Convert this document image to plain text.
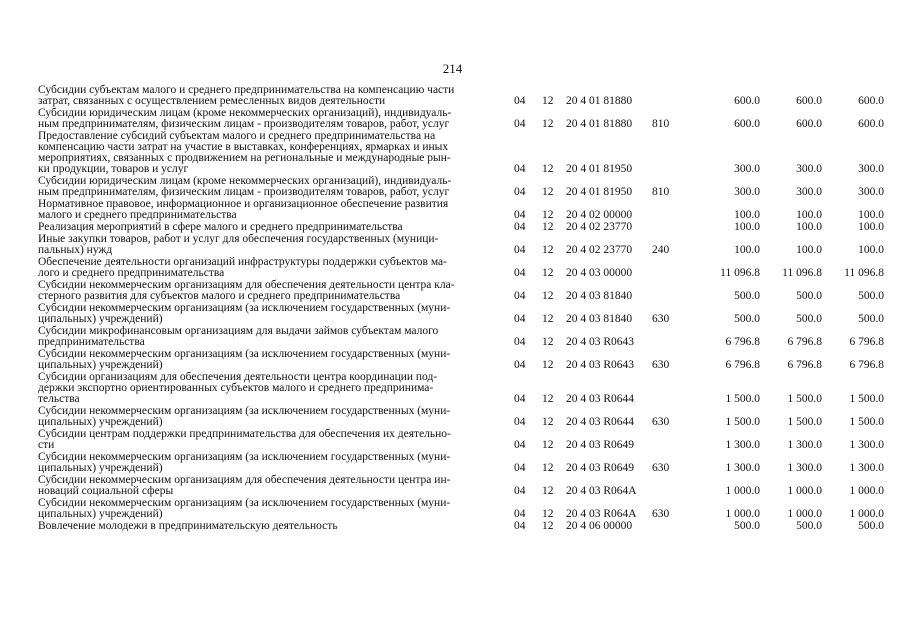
214
Субсидии субъектам малого и среднего предпринимательства на компенсацию части
затрат, связанных с осуществлением ремесленных видов деятельности	04	12	20 4 01 81880		600.0	600.0	600.0

Субсидии юридическим лицам (кроме некоммерческих организаций), индивидуаль-
ным предпринимателям, физическим лицам - производителям товаров, работ, услуг	04	12	20 4 01 81880	810	600.0	600.0	600.0

Предоставление субсидий субъектам малого и среднего предпринимательства на
компенсацию части затрат на участие в выставках, конференциях, ярмарках и иных
мероприятиях, связанных с продвижением на региональные и международные рын-
ки продукции, товаров и услуг	04	12	20 4 01 81950		300.0	300.0	300.0

Субсидии юридическим лицам (кроме некоммерческих организаций), индивидуаль-
ным предпринимателям, физическим лицам - производителям товаров, работ, услуг	04	12	20 4 01 81950	810	300.0	300.0	300.0

Нормативное правовое, информационное и организационное обеспечение развития
малого и среднего предпринимательства	04	12	20 4 02 00000		100.0	100.0	100.0

Реализация мероприятий в сфере малого и среднего предпринимательства	04	12	20 4 02 23770		100.0	100.0	100.0

Иные закупки товаров, работ и услуг для обеспечения государственных (муници-
пальных) нужд	04	12	20 4 02 23770	240	100.0	100.0	100.0

Обеспечение деятельности организаций инфраструктуры поддержки субъектов ма-
лого и среднего предпринимательства	04	12	20 4 03 00000		11 096.8	11 096.8	11 096.8

Субсидии некоммерческим организациям для обеспечения деятельности центра кла-
стерного развития для субъектов малого и среднего предпринимательства	04	12	20 4 03 81840		500.0	500.0	500.0

Субсидии некоммерческим организациям (за исключением государственных (муни-
ципальных) учреждений)	04	12	20 4 03 81840	630	500.0	500.0	500.0

Субсидии микрофинансовым организациям для выдачи займов субъектам малого
предпринимательства	04	12	20 4 03 R0643		6 796.8	6 796.8	6 796.8

Субсидии некоммерческим организациям (за исключением государственных (муни-
ципальных) учреждений)	04	12	20 4 03 R0643	630	6 796.8	6 796.8	6 796.8

Субсидии организациям для обеспечения деятельности центра координации под-
держки экспортно ориентированных субъектов малого и среднего предпринима-
тельства	04	12	20 4 03 R0644		1 500.0	1 500.0	1 500.0

Субсидии некоммерческим организациям (за исключением государственных (муни-
ципальных) учреждений)	04	12	20 4 03 R0644	630	1 500.0	1 500.0	1 500.0

Субсидии центрам поддержки предпринимательства для обеспечения их деятельно-
сти	04	12	20 4 03 R0649		1 300.0	1 300.0	1 300.0

Субсидии некоммерческим организациям (за исключением государственных (муни-
ципальных) учреждений)	04	12	20 4 03 R0649	630	1 300.0	1 300.0	1 300.0

Субсидии некоммерческим организациям для обеспечения деятельности центра ин-
новаций социальной сферы	04	12	20 4 03 R064A		1 000.0	1 000.0	1 000.0

Субсидии некоммерческим организациям (за исключением государственных (муни-
ципальных) учреждений)	04	12	20 4 03 R064A	630	1 000.0	1 000.0	1 000.0

Вовлечение молодежи в предпринимательскую деятельность	04	12	20 4 06 00000		500.0	500.0	500.0
